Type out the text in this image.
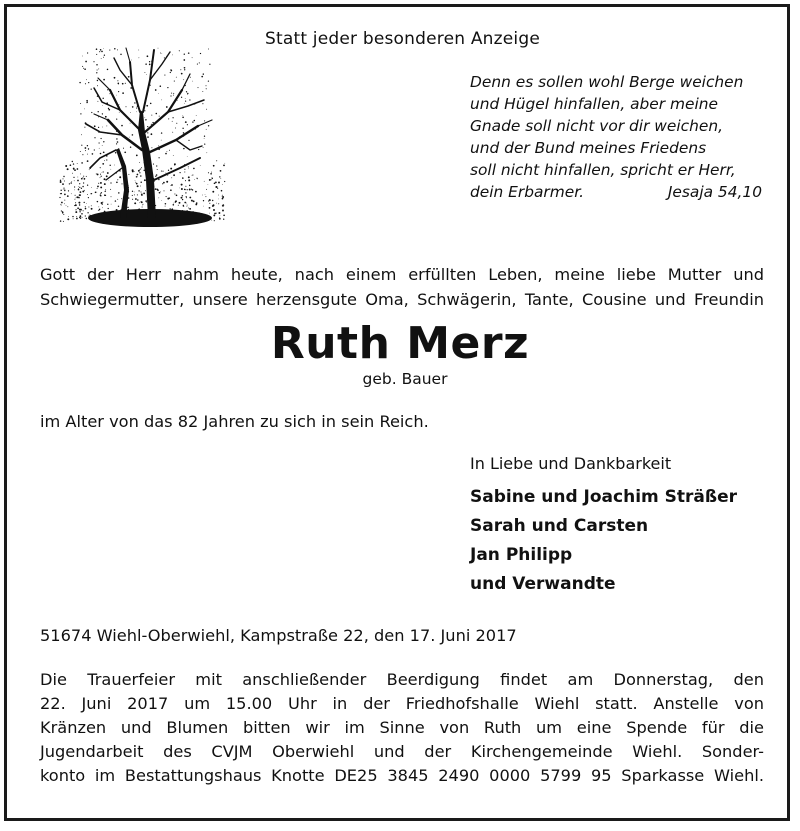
Statt jeder besonderen Anzeige
Denn es sollen wohl Berge weichen
und Hügel hinfallen, aber meine
Gnade soll nicht vor dir weichen,
und der Bund meines Friedens
soll nicht hinfallen, spricht er Herr,
dein Erbarmer.	Jesaja 54,10
Gott der Herr nahm heute, nach einem erfüllten Leben, meine liebe Mutter und
Schwiegermutter, unsere herzensgute Oma, Schwägerin, Tante, Cousine und Freundin
Ruth Merz
geb. Bauer
im Alter von das 82 Jahren zu sich in sein Reich.
In Liebe und Dankbarkeit
Sabine und Joachim Sträßer
Sarah und Carsten
Jan Philipp
und Verwandte
51674 Wiehl-Oberwiehl, Kampstraße 22, den 17. Juni 2017
Die Trauerfeier mit anschließender Beerdigung findet am Donnerstag, den
22. Juni 2017 um 15.00 Uhr in der Friedhofshalle Wiehl statt. Anstelle von
Kränzen und Blumen bitten wir im Sinne von Ruth um eine Spende für die
Jugendarbeit des CVJM Oberwiehl und der Kirchengemeinde Wiehl. Sonder-
konto im Bestattungshaus Knotte DE25 3845 2490 0000 5799 95 Sparkasse Wiehl.
